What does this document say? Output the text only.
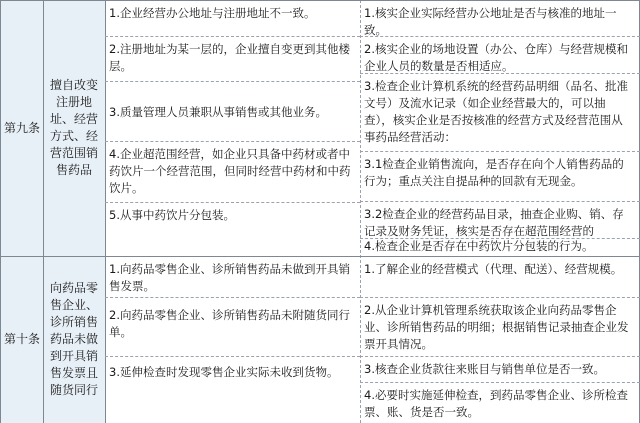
第九条
擅自改变注册地址、经营方式、经营范围销售药品
1.企业经营办公地址与注册地址不一致。
2.注册地址为某一层的，企业擅自变更到其他楼层。
3.质量管理人员兼职从事销售或其他业务。
4.企业超范围经营，如企业只具备中药材或者中药饮片一个经营范围，但同时经营中药材和中药饮片。
5.从事中药饮片分包装。
1.核实企业实际经营办公地址是否与核准的地址一致。
2.核实企业的场地设置（办公、仓库）与经营规模和企业人员的数量是否相适应。
3.检查企业计算机系统的经营药品明细（品名、批准文号）及流水记录（如企业经营最大的，可以抽查），核实企业是否按核准的经营方式及经营范围从事药品经营活动：
3.1检查企业销售流向，是否存在向个人销售药品的行为；重点关注自提品种的回款有无现金。
3.2检查企业的经营药品目录，抽查企业购、销、存记录及财务凭证，核实是否存在超范围经营的
4.检查企业是否存在中药饮片分包装的行为。
第十条
向药品零售企业、诊所销售药品未做到开具销售发票且随货同行
1.向药品零售企业、诊所销售药品未做到开具销售发票。
2.向药品零售企业、诊所销售药品未附随货同行单。
3.延伸检查时发现零售企业实际未收到货物。
1.了解企业的经营模式（代理、配送）、经营规模。
2.从企业计算机管理系统获取该企业向药品零售企业、诊所销售药品的明细；根据销售记录抽查企业发票开具情况。
3.核查企业货款往来账目与销售单位是否一致。
4.必要时实施延伸检查，到药品零售企业、诊所检查票、账、货是否一致。
